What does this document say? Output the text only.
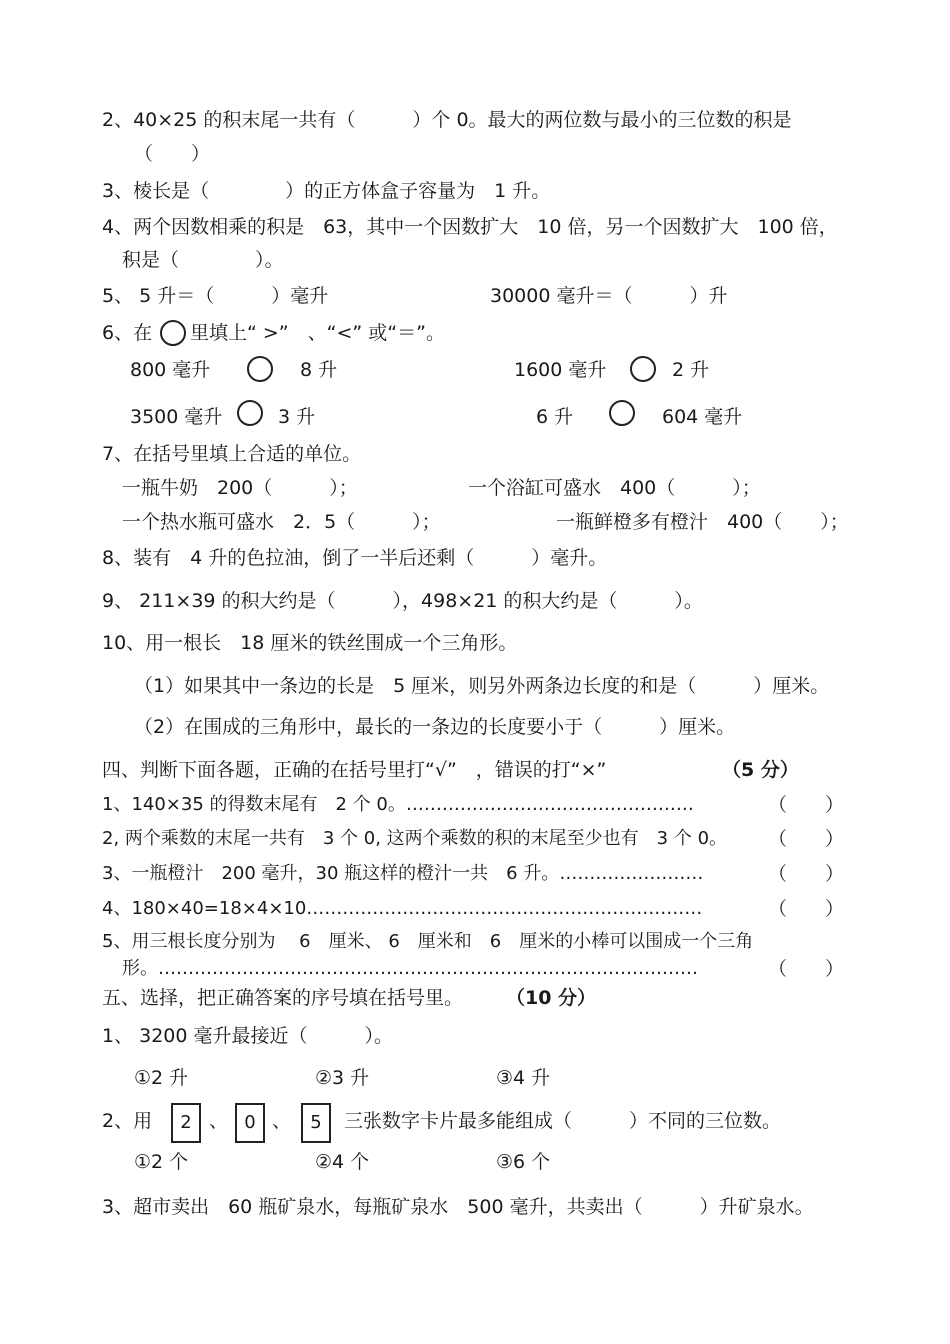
2、40×25 的积末尾一共有（　　　）个 0。最大的两位数与最小的三位数的积是
（　　）
3、棱长是（　　　　）的正方体盒子容量为　1 升。
4、两个因数相乘的积是　63，其中一个因数扩大　10 倍，另一个因数扩大　100 倍，
积是（　　　　）。
5、 5 升＝（　　　）毫升	30000 毫升＝（　　　）升
6、在 里填上“ >”　、“<” 或“＝”。
800 毫升	8 升	1600 毫升	2 升
3500 毫升	3 升	6 升	604 毫升
7、在括号里填上合适的单位。
一瓶牛奶　200（　　　）；	一个浴缸可盛水　400（　　　）；
一个热水瓶可盛水　2．5（　　　）；	一瓶鲜橙多有橙汁　400（　　）；
8、装有　4 升的色拉油，倒了一半后还剩（　　　）毫升。
9、 211×39 的积大约是（　　　），498×21 的积大约是（　　　）。
10、用一根长　18 厘米的铁丝围成一个三角形。
（1）如果其中一条边的长是　5 厘米，则另外两条边长度的和是（　　　）厘米。
（2）在围成的三角形中，最长的一条边的长度要小于（　　　）厘米。
四、判断下面各题，正确的在括号里打“√”　，错误的打“×”	（5 分）
1、140×35 的得数末尾有　2 个 0。…………………………………………	（　　）
2, 两个乘数的末尾一共有　3 个 0, 这两个乘数的积的末尾至少也有　3 个 0。 （　　）
3、一瓶橙汁　200 毫升，30 瓶这样的橙汁一共　6 升。……………………	（　　）
4、180×40=18×4×10…………………………………………………………	（　　）
5、用三根长度分别为　 6　厘米、 6　厘米和　6　厘米的小棒可以围成一个三角
形。………………………………………………………………………………	（　　）
五、选择，把正确答案的序号填在括号里。 （10 分）
1、 3200 毫升最接近（　　　）。
①2 升	②3 升	③4 升
2、用	2 、 0 、	5	三张数字卡片最多能组成（　　　）不同的三位数。
①2 个	②4 个	③6 个
3、超市卖出　60 瓶矿泉水，每瓶矿泉水　500 毫升，共卖出（　　　）升矿泉水。
